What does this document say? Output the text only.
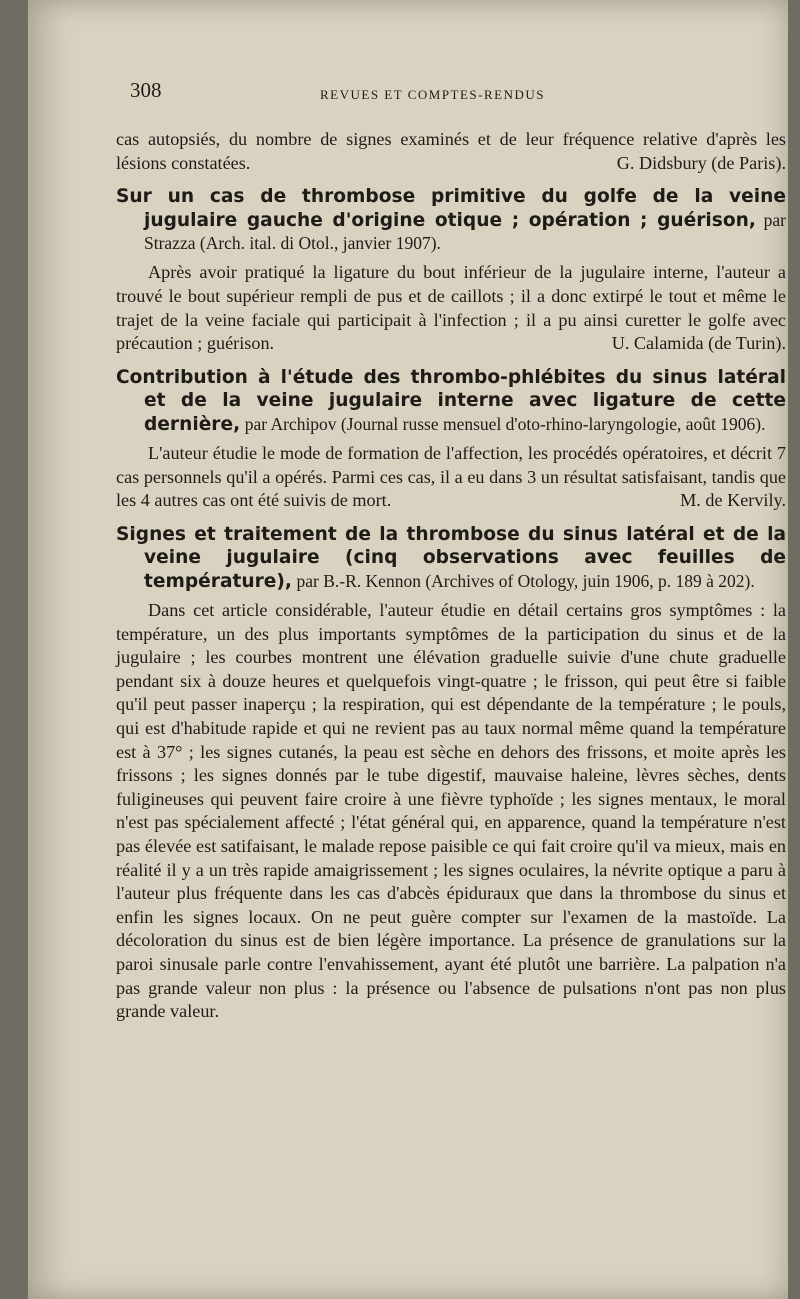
308	REVUES ET COMPTES-RENDUS

cas autopsiés, du nombre de signes examinés et de leur fréquence relative d'après les lésions constatées.	G. Didsbury (de Paris).

Sur un cas de thrombose primitive du golfe de la veine jugulaire gauche d'origine otique ; opération ; guérison, par Strazza (Arch. ital. di Otol., janvier 1907).

Après avoir pratiqué la ligature du bout inférieur de la jugulaire interne, l'auteur a trouvé le bout supérieur rempli de pus et de caillots ; il a donc extirpé le tout et même le trajet de la veine faciale qui participait à l'infection ; il a pu ainsi curetter le golfe avec précaution ; guérison.	U. Calamida (de Turin).

Contribution à l'étude des thrombo-phlébites du sinus latéral et de la veine jugulaire interne avec ligature de cette dernière, par Archipov (Journal russe mensuel d'oto-rhino-laryngologie, août 1906).

L'auteur étudie le mode de formation de l'affection, les procédés opératoires, et décrit 7 cas personnels qu'il a opérés. Parmi ces cas, il a eu dans 3 un résultat satisfaisant, tandis que les 4 autres cas ont été suivis de mort.	M. de Kervily.

Signes et traitement de la thrombose du sinus latéral et de la veine jugulaire (cinq observations avec feuilles de température), par B.-R. Kennon (Archives of Otology, juin 1906, p. 189 à 202).

Dans cet article considérable, l'auteur étudie en détail certains gros symptômes : la température, un des plus importants symptômes de la participation du sinus et de la jugulaire ; les courbes montrent une élévation graduelle suivie d'une chute graduelle pendant six à douze heures et quelquefois vingt-quatre ; le frisson, qui peut être si faible qu'il peut passer inaperçu ; la respiration, qui est dépendante de la température ; le pouls, qui est d'habitude rapide et qui ne revient pas au taux normal même quand la température est à 37° ; les signes cutanés, la peau est sèche en dehors des frissons, et moite après les frissons ; les signes donnés par le tube digestif, mauvaise haleine, lèvres sèches, dents fuligineuses qui peuvent faire croire à une fièvre typhoïde ; les signes mentaux, le moral n'est pas spécialement affecté ; l'état général qui, en apparence, quand la température n'est pas élevée est satifaisant, le malade repose paisible ce qui fait croire qu'il va mieux, mais en réalité il y a un très rapide amaigrissement ; les signes oculaires, la névrite optique a paru à l'auteur plus fréquente dans les cas d'abcès épiduraux que dans la thrombose du sinus et enfin les signes locaux. On ne peut guère compter sur l'examen de la mastoïde. La décoloration du sinus est de bien légère importance. La présence de granulations sur la paroi sinusale parle contre l'envahissement, ayant été plutôt une barrière. La palpation n'a pas grande valeur non plus : la présence ou l'absence de pulsations n'ont pas non plus grande valeur.
